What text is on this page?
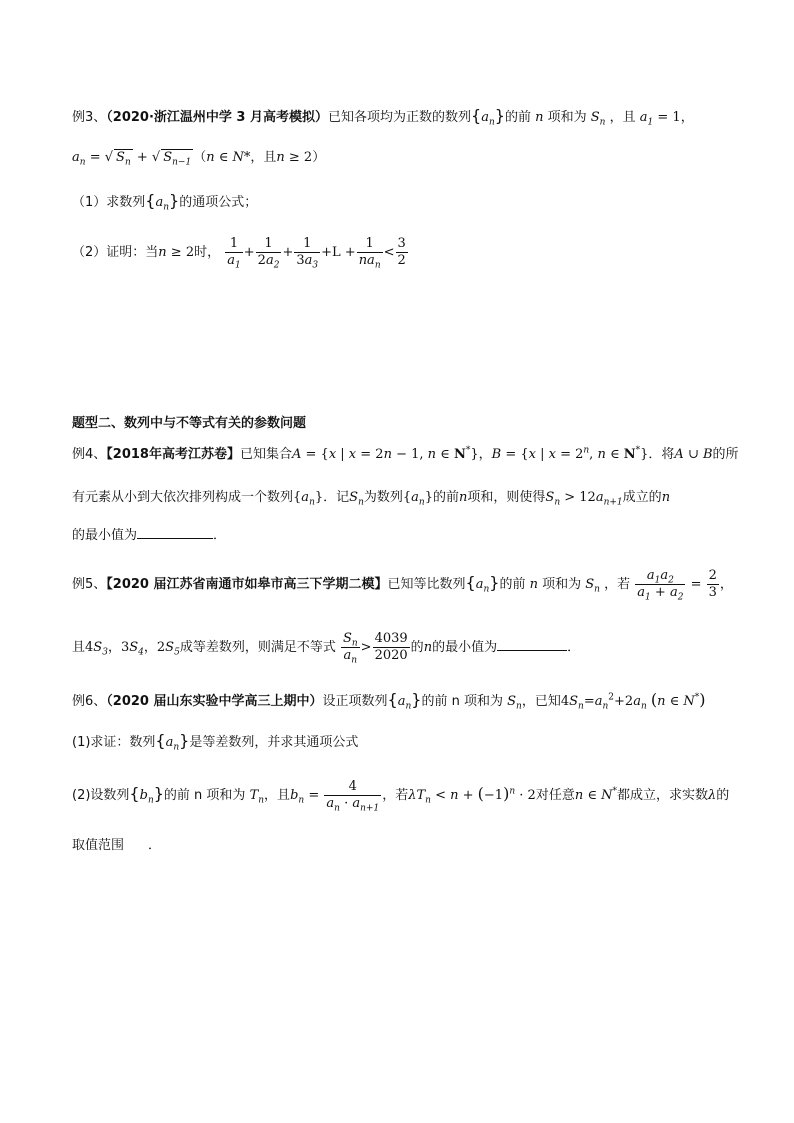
例3、（2020·浙江温州中学 3 月高考模拟）已知各项均为正数的数列$\{a_n\}$的前 n 项和为 $S_n$ ，且 $a_1 = 1$，
$a_n$ = √ $S_n$ + √ $S_{n-1}$ （n ∈ N*，且n ≥ 2）
（1）求数列$\{a_n\}$的通项公式；
（2）证明：当n ≥ 2时， $\frac{1}{a_1} + \frac{1}{2a_2} + \frac{1}{3a_3} +L + \frac{1}{na_n} < \frac{3}{2}$
题型二、数列中与不等式有关的参数问题
例4、【2018年高考江苏卷】已知集合A = {x | x = 2n − 1, n ∈ N*}，B = {x | $x = 2^n$, n ∈ N*}．将A ∪ B的所
有元素从小到大依次排列构成一个数列$\{a_n\}$．记$S_n$为数列$\{a_n\}$的前n项和，则使得$S_n > 12a_{n+1}$成立的n
的最小值为	．
例5、【2020 届江苏省南通市如皋市高三下学期二模】已知等比数列$\{a_n\}$的前 n 项和为 $S_n$ ，若 $\frac{a_1a_2}{a_1 + a_2} = \frac{2}{3}$ ，
且$4S_3$，$3S_4$，$2S_5$成等差数列，则满足不等式 $\frac{S_n}{a_n} > \frac{4039}{2020}$ 的n的最小值为	．
例6、（2020 届山东实验中学高三上期中）设正项数列$\{a_n\}$的前 n 项和为 $S_n$，已知$4S_n=a_n^2+2a_n$ (n ∈ N*)
(1)求证：数列$\{a_n\}$是等差数列，并求其通项公式
(2)设数列$\{b_n\}$的前 n 项和为 $T_n$，且$b_n = \frac{4}{a_n \cdot a_{n+1}}$ ，若$\lambda T_n < n + (-1)^n \cdot 2$对任意n ∈ N*都成立，求实数λ的
取值范围 ．
